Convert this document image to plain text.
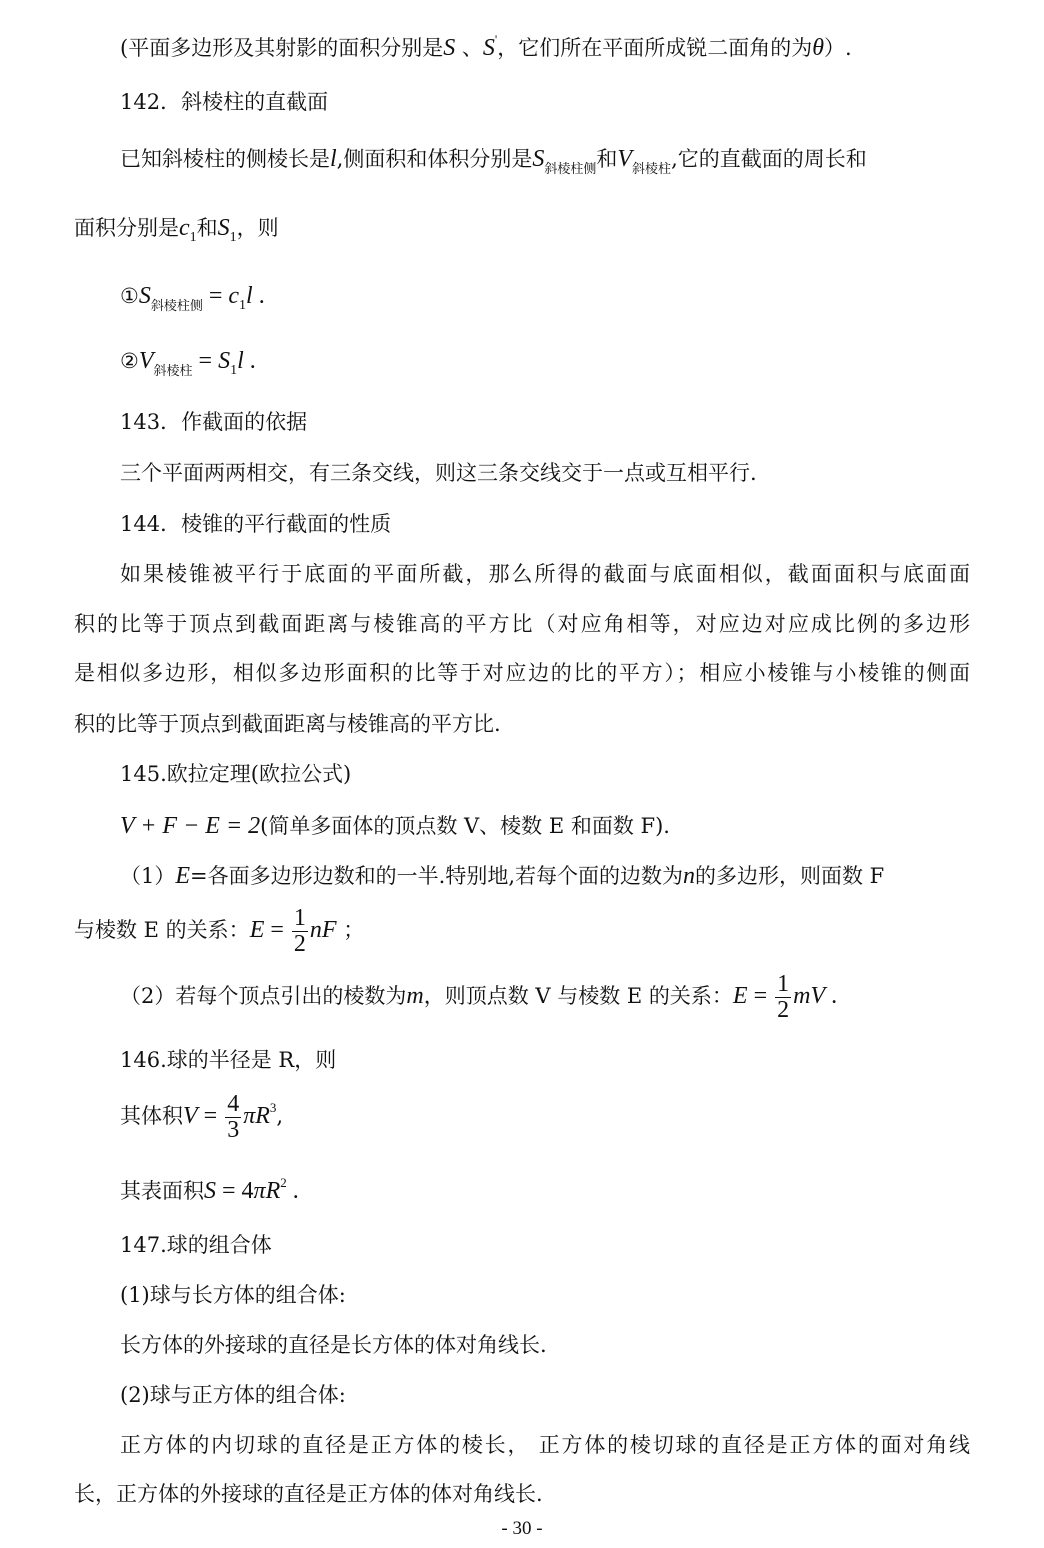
(平面多边形及其射影的面积分别是S 、S'，它们所在平面所成锐二面角的为θ）.
142．斜棱柱的直截面
已知斜棱柱的侧棱长是l,侧面积和体积分别是$S_{斜棱柱侧}$和$V_{斜棱柱}$,它的直截面的周长和
面积分别是$c_1$和$S_1$，则
$①S_{斜棱柱侧} = c_1l$ .
$②V_{斜棱柱} = S_1l$ .
143．作截面的依据
三个平面两两相交，有三条交线，则这三条交线交于一点或互相平行.
144．棱锥的平行截面的性质
如果棱锥被平行于底面的平面所截，那么所得的截面与底面相似，截面面积与底面面
积的比等于顶点到截面距离与棱锥高的平方比（对应角相等，对应边对应成比例的多边形
是相似多边形，相似多边形面积的比等于对应边的比的平方）；相应小棱锥与小棱锥的侧面
积的比等于顶点到截面距离与棱锥高的平方比.
145.欧拉定理(欧拉公式)
V + F − E = 2(简单多面体的顶点数 V、棱数 E 和面数 F).
（1）E=各面多边形边数和的一半.特别地,若每个面的边数为n的多边形，则面数 F
与棱数 E 的关系：$E = \frac{1}{2}$ nF ；
（2）若每个顶点引出的棱数为m，则顶点数 V 与棱数 E 的关系：$E = \frac{1}{2}$ mV .
146.球的半径是 R，则
其体积$V = \frac{4}{3} \pi R^3$,
其表面积$S = 4\pi R^2$ .
147.球的组合体
(1)球与长方体的组合体:
长方体的外接球的直径是长方体的体对角线长.
(2)球与正方体的组合体:
正方体的内切球的直径是正方体的棱长， 正方体的棱切球的直径是正方体的面对角线
长，正方体的外接球的直径是正方体的体对角线长.
- 30 -
